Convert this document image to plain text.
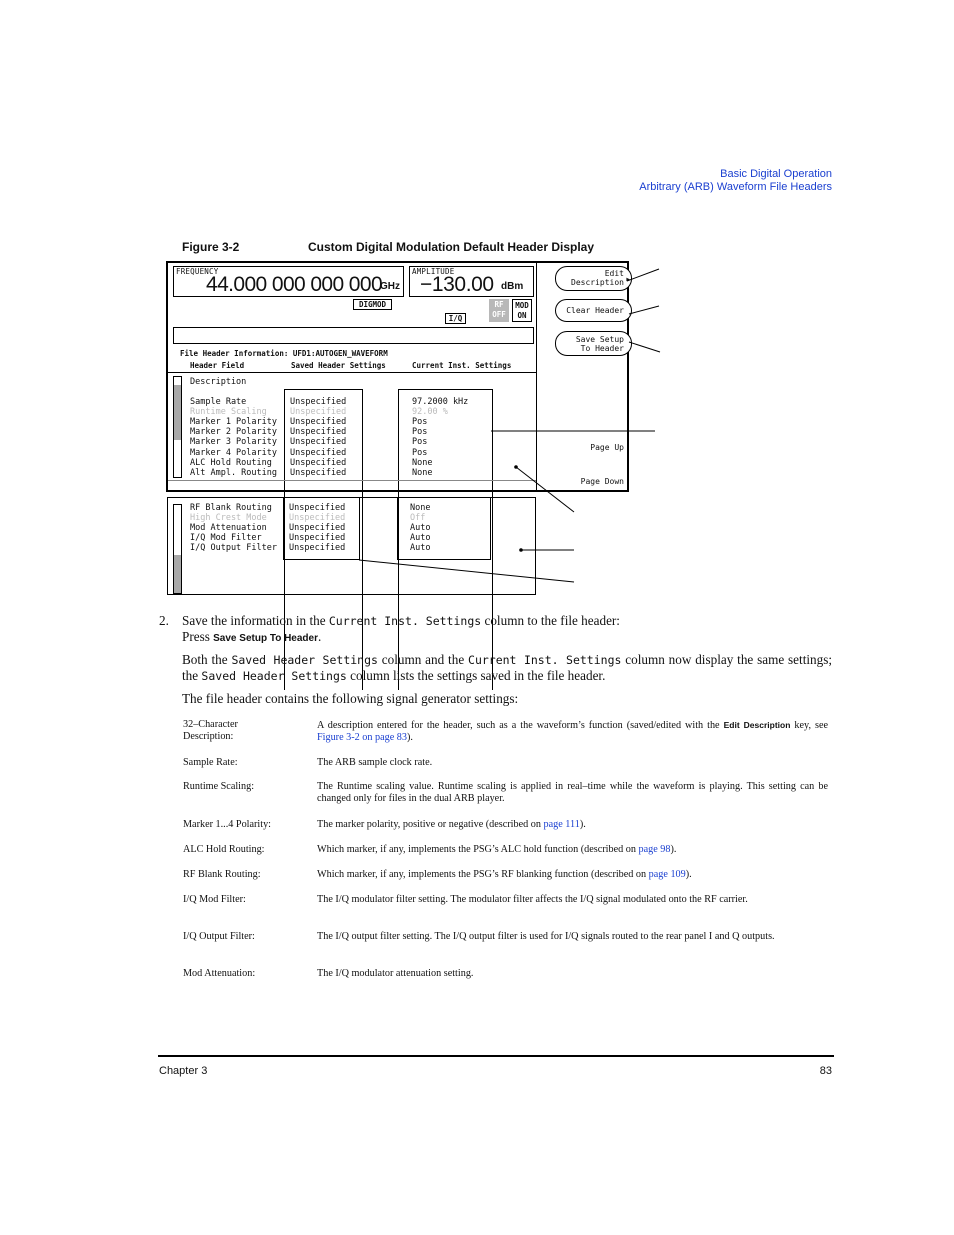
Basic Digital Operation
Arbitrary (ARB) Waveform File Headers
Figure 3-2	Custom Digital Modulation Default Header Display
FREQUENCY
44.000 000 000 000
GHz
AMPLITUDE
−130.00 dBm
DIGMOD
I/Q
RF
OFF
MOD
ON
File Header Information: UFD1:AUTOGEN_WAVEFORM
Header Field	Saved Header Settings	Current Inst. Settings
Description
Sample Rate	Unspecified	97.2000 kHz
Runtime Scaling	Unspecified	92.00 %
Marker 1 Polarity Unspecified	Pos
Marker 2 Polarity Unspecified	Pos
Marker 3 Polarity Unspecified	Pos
Marker 4 Polarity Unspecified	Pos
ALC Hold Routing Unspecified	None
Alt Ampl. Routing Unspecified	None
Page Up
Page Down
Edit
Description ▶
Clear Header
Save Setup
To Header
RF Blank Routing Unspecified	None
High Crest Mode	Unspecified	Off
Mod Attenuation	Unspecified	Auto
I/Q Mod Filter	Unspecified	Auto
I/Q Output Filter Unspecified	Auto
2. Save the information in the Current Inst. Settings column to the file header:
Press Save Setup To Header.
Both the Saved Header Settings column and the Current Inst. Settings column now display the same settings; the Saved Header Settings column lists the settings saved in the file header.
The file header contains the following signal generator settings:
32–Character
Description:
A description entered for the header, such as a the waveform’s function (saved/edited with the Edit Description key, see Figure 3-2 on page 83).
Sample Rate:	The ARB sample clock rate.
Runtime Scaling:	The Runtime scaling value. Runtime scaling is applied in real–time while the waveform is playing. This setting can be changed only for files in the dual ARB player.
Marker 1...4 Polarity:	The marker polarity, positive or negative (described on page 111).
ALC Hold Routing:	Which marker, if any, implements the PSG’s ALC hold function (described on page 98).
RF Blank Routing:	Which marker, if any, implements the PSG’s RF blanking function (described on page 109).
I/Q Mod Filter:	The I/Q modulator filter setting. The modulator filter affects the I/Q signal modulated onto the RF carrier.
I/Q Output Filter:	The I/Q output filter setting. The I/Q output filter is used for I/Q signals routed to the rear panel I and Q outputs.
Mod Attenuation:	The I/Q modulator attenuation setting.
Chapter 3	83
